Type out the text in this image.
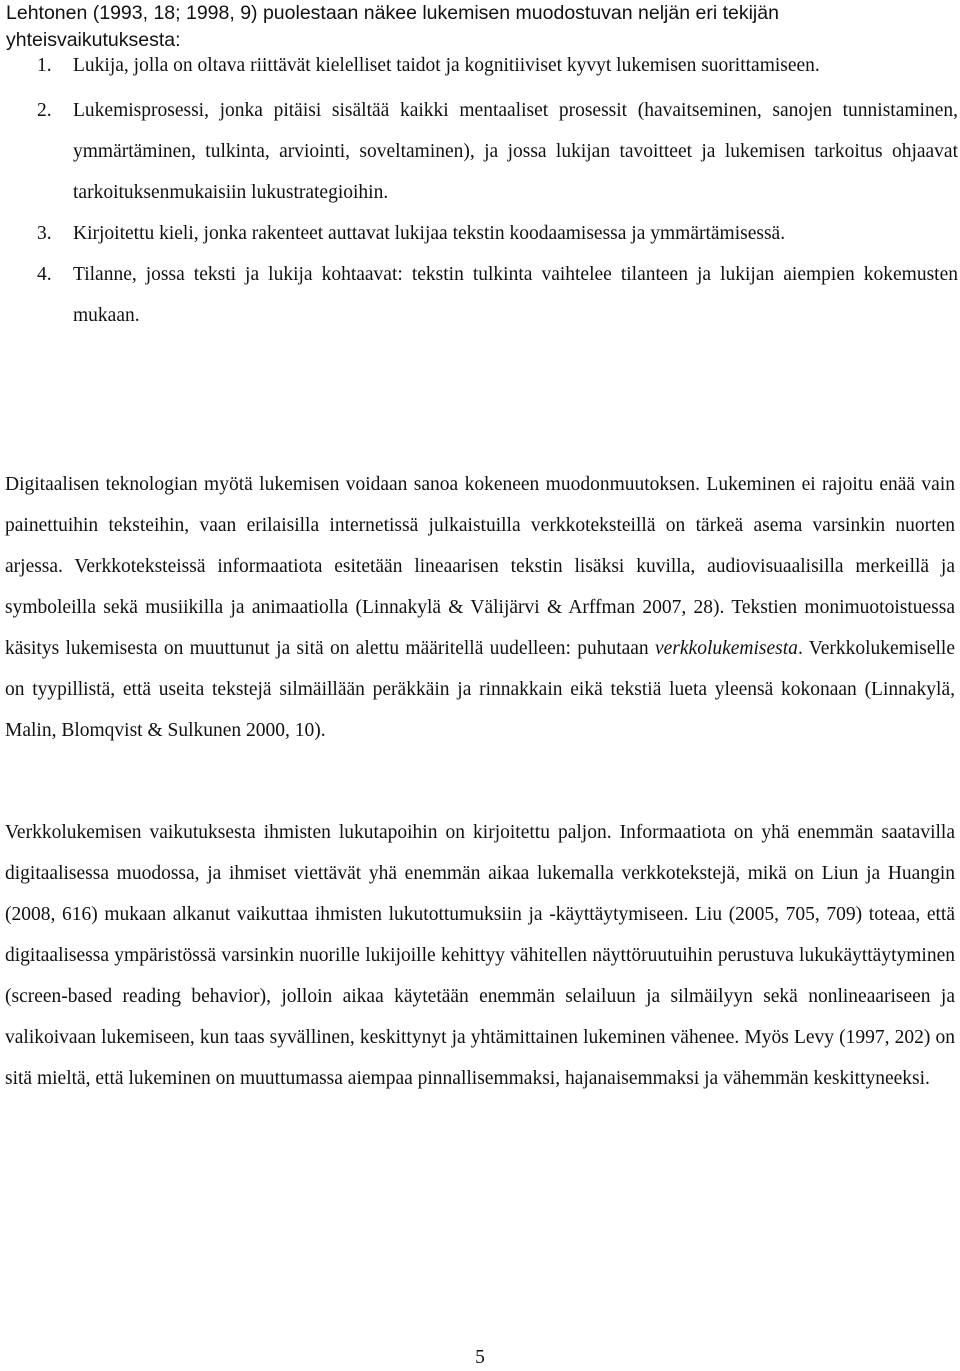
Lehtonen (1993, 18; 1998, 9) puolestaan näkee lukemisen muodostuvan neljän eri tekijän yhteisvaikutuksesta:

1. Lukija, jolla on oltava riittävät kielelliset taidot ja kognitiiviset kyvyt lukemisen suorittamiseen.
2. Lukemisprosessi, jonka pitäisi sisältää kaikki mentaaliset prosessit (havaitseminen, sanojen tunnistaminen, ymmärtäminen, tulkinta, arviointi, soveltaminen), ja jossa lukijan tavoitteet ja lukemisen tarkoitus ohjaavat tarkoituksenmukaisiin lukustrategioihin.
3. Kirjoitettu kieli, jonka rakenteet auttavat lukijaa tekstin koodaamisessa ja ymmärtämisessä.
4. Tilanne, jossa teksti ja lukija kohtaavat: tekstin tulkinta vaihtelee tilanteen ja lukijan aiempien kokemusten mukaan.

Digitaalisen teknologian myötä lukemisen voidaan sanoa kokeneen muodonmuutoksen. Lukeminen ei rajoitu enää vain painettuihin teksteihin, vaan erilaisilla internetissä julkaistuilla verkkoteksteillä on tärkeä asema varsinkin nuorten arjessa. Verkkoteksteissä informaatiota esitetään lineaarisen tekstin lisäksi kuvilla, audiovisuaalisilla merkeillä ja symboleilla sekä musiikilla ja animaatiolla (Linnakylä & Välijärvi & Arffman 2007, 28). Tekstien monimuotoistuessa käsitys lukemisesta on muuttunut ja sitä on alettu määritellä uudelleen: puhutaan verkkolukemisesta. Verkkolukemiselle on tyypillistä, että useita tekstejä silmäillään peräkkäin ja rinnakkain eikä tekstiä lueta yleensä kokonaan (Linnakylä, Malin, Blomqvist & Sulkunen 2000, 10).

Verkkolukemisen vaikutuksesta ihmisten lukutapoihin on kirjoitettu paljon. Informaatiota on yhä enemmän saatavilla digitaalisessa muodossa, ja ihmiset viettävät yhä enemmän aikaa lukemalla verkkotekstejä, mikä on Liun ja Huangin (2008, 616) mukaan alkanut vaikuttaa ihmisten lukutottumuksiin ja -käyttäytymiseen. Liu (2005, 705, 709) toteaa, että digitaalisessa ympäristössä varsinkin nuorille lukijoille kehittyy vähitellen näyttöruutuihin perustuva lukukäyttäytyminen (screen-based reading behavior), jolloin aikaa käytetään enemmän selailuun ja silmäilyyn sekä nonlineaariseen ja valikoivaan lukemiseen, kun taas syvällinen, keskittynyt ja yhtämittainen lukeminen vähenee. Myös Levy (1997, 202) on sitä mieltä, että lukeminen on muuttumassa aiempaa pinnallisemmaksi, hajanaisemmaksi ja vähemmän keskittyneeksi.

5
